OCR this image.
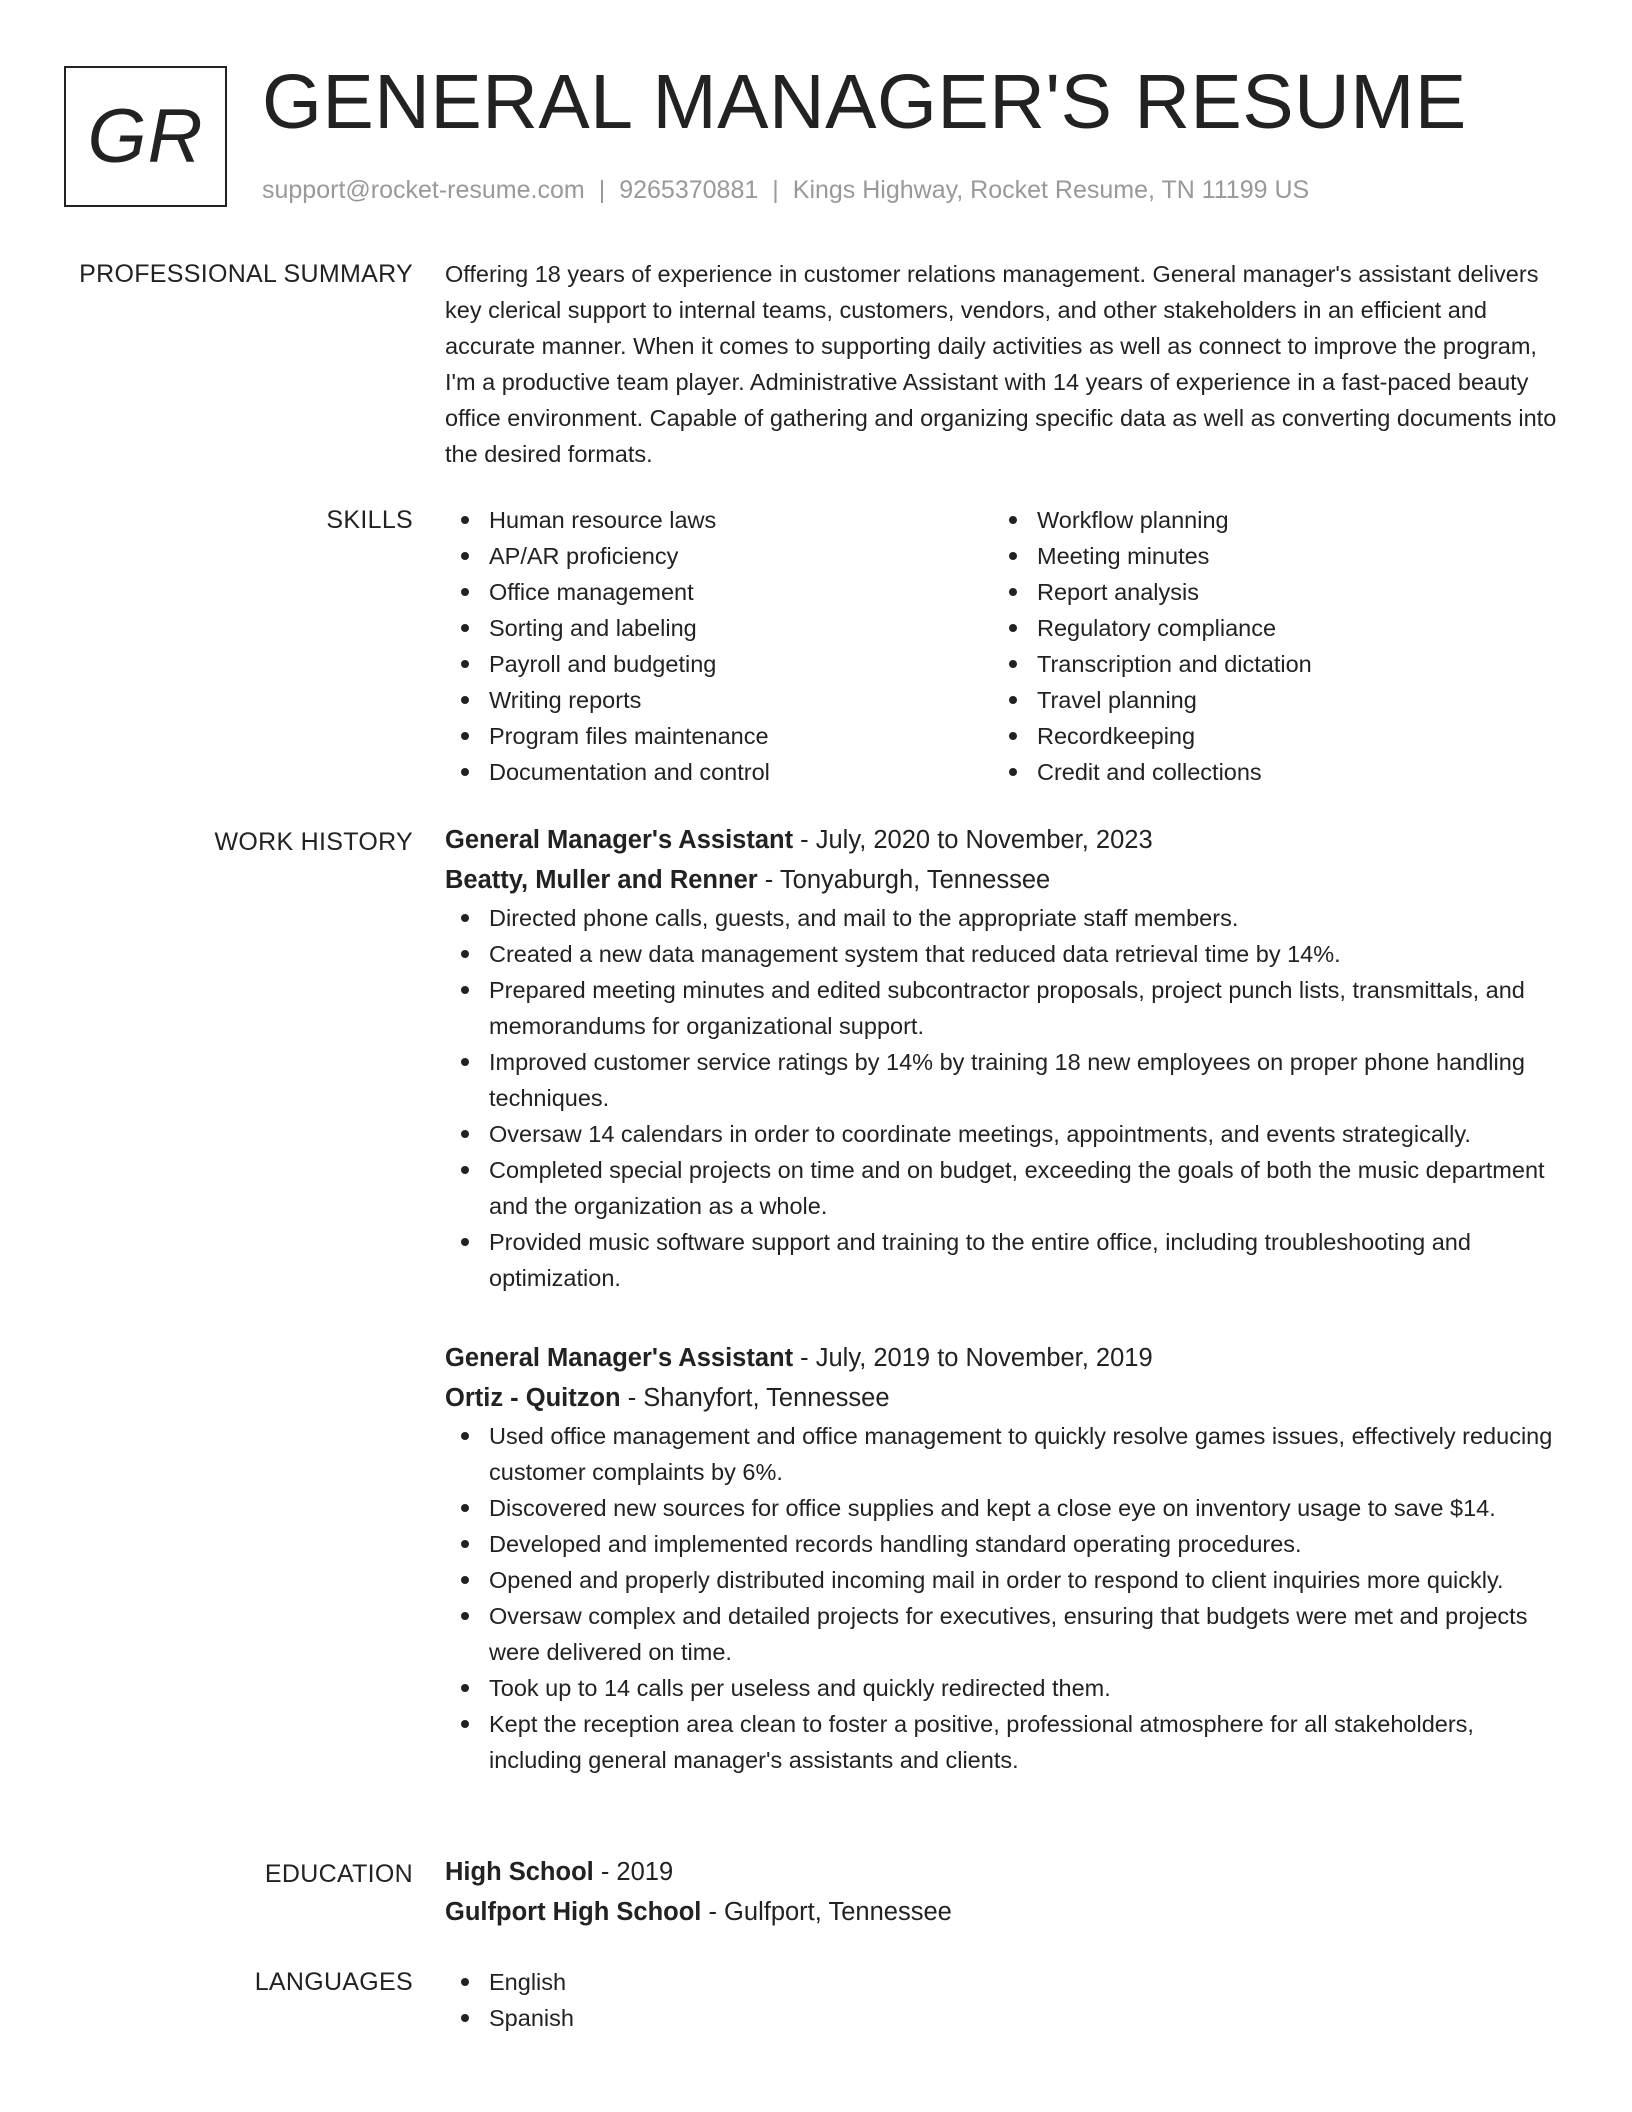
GR GENERAL MANAGER'S RESUME
support@rocket-resume.com | 9265370881 | Kings Highway, Rocket Resume, TN 11199 US
PROFESSIONAL SUMMARY Offering 18 years of experience in customer relations management. General manager's assistant delivers key clerical support to internal teams, customers, vendors, and other stakeholders in an efficient and accurate manner. When it comes to supporting daily activities as well as connect to improve the program, I'm a productive team player. Administrative Assistant with 14 years of experience in a fast-paced beauty office environment. Capable of gathering and organizing specific data as well as converting documents into the desired formats.

SKILLS	Human resource laws
AP/AR proficiency
Office management
Sorting and labeling
Payroll and budgeting
Writing reports
Program files maintenance
Documentation and control
Workflow planning
Meeting minutes
Report analysis
Regulatory compliance
Transcription and dictation
Travel planning
Recordkeeping
Credit and collections
WORK HISTORY General Manager's Assistant - July, 2020 to November, 2023
Beatty, Muller and Renner - Tonyaburgh, Tennessee
Directed phone calls, guests, and mail to the appropriate staff members.
Created a new data management system that reduced data retrieval time by 14%.
Prepared meeting minutes and edited subcontractor proposals, project punch lists, transmittals, and memorandums for organizational support.
Improved customer service ratings by 14% by training 18 new employees on proper phone handling techniques.
Oversaw 14 calendars in order to coordinate meetings, appointments, and events strategically.
Completed special projects on time and on budget, exceeding the goals of both the music department and the organization as a whole.
Provided music software support and training to the entire office, including troubleshooting and optimization.
General Manager's Assistant - July, 2019 to November, 2019
Ortiz - Quitzon - Shanyfort, Tennessee
Used office management and office management to quickly resolve games issues, effectively reducing customer complaints by 6%.
Discovered new sources for office supplies and kept a close eye on inventory usage to save $14.
Developed and implemented records handling standard operating procedures.
Opened and properly distributed incoming mail in order to respond to client inquiries more quickly.
Oversaw complex and detailed projects for executives, ensuring that budgets were met and projects were delivered on time.
Took up to 14 calls per useless and quickly redirected them.
Kept the reception area clean to foster a positive, professional atmosphere for all stakeholders, including general manager's assistants and clients.
EDUCATION High School - 2019
Gulfport High School - Gulfport, Tennessee
LANGUAGES	English
Spanish
